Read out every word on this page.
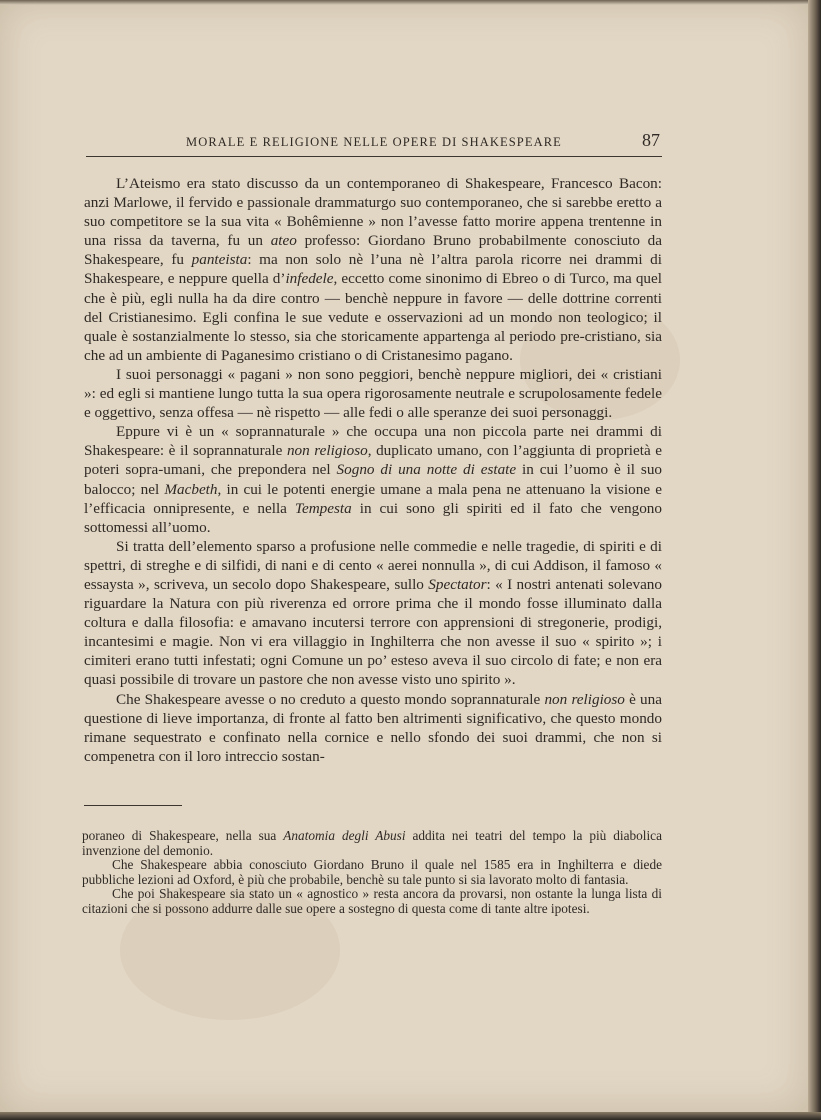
MORALE E RELIGIONE NELLE OPERE DI SHAKESPEARE	87

L’Ateismo era stato discusso da un contemporaneo di Shakespeare, Francesco Bacon: anzi Marlowe, il fervido e passionale drammaturgo suo contemporaneo, che si sarebbe eretto a suo competitore se la sua vita « Bohêmienne » non l’avesse fatto morire appena trentenne in una rissa da taverna, fu un ateo professo: Giordano Bruno probabilmente conosciuto da Shakespeare, fu panteista: ma non solo nè l’una nè l’altra parola ricorre nei drammi di Shakespeare, e neppure quella d’infedele, eccetto come sinonimo di Ebreo o di Turco, ma quel che è più, egli nulla ha da dire contro — benchè neppure in favore — delle dottrine correnti del Cristianesimo. Egli confina le sue vedute e osservazioni ad un mondo non teologico; il quale è sostanzialmente lo stesso, sia che storicamente appartenga al periodo pre-cristiano, sia che ad un ambiente di Paganesimo cristiano o di Cristanesimo pagano.

I suoi personaggi « pagani » non sono peggiori, benchè neppure migliori, dei « cristiani »: ed egli si mantiene lungo tutta la sua opera rigorosamente neutrale e scrupolosamente fedele e oggettivo, senza offesa — nè rispetto — alle fedi o alle speranze dei suoi personaggi.

Eppure vi è un « soprannaturale » che occupa una non piccola parte nei drammi di Shakespeare: è il soprannaturale non religioso, duplicato umano, con l’aggiunta di proprietà e poteri sopra-umani, che prepondera nel Sogno di una notte di estate in cui l’uomo è il suo balocco; nel Macbeth, in cui le potenti energie umane a mala pena ne attenuano la visione e l’efficacia onnipresente, e nella Tempesta in cui sono gli spiriti ed il fato che vengono sottomessi all’uomo.

Si tratta dell’elemento sparso a profusione nelle commedie e nelle tragedie, di spiriti e di spettri, di streghe e di silfidi, di nani e di cento « aerei nonnulla », di cui Addison, il famoso « essaysta », scriveva, un secolo dopo Shakespeare, sullo Spectator: « I nostri antenati solevano riguardare la Natura con più riverenza ed orrore prima che il mondo fosse illuminato dalla coltura e dalla filosofia: e amavano incutersi terrore con apprensioni di stregonerie, prodigi, incantesimi e magie. Non vi era villaggio in Inghilterra che non avesse il suo « spirito »; i cimiteri erano tutti infestati; ogni Comune un po’ esteso aveva il suo circolo di fate; e non era quasi possibile di trovare un pastore che non avesse visto uno spirito ».

Che Shakespeare avesse o no creduto a questo mondo soprannaturale non religioso è una questione di lieve importanza, di fronte al fatto ben altrimenti significativo, che questo mondo rimane sequestrato e confinato nella cornice e nello sfondo dei suoi drammi, che non si compenetra con il loro intreccio sostan-

poraneo di Shakespeare, nella sua Anatomia degli Abusi addita nei teatri del tempo la più diabolica invenzione del demonio.

Che Shakespeare abbia conosciuto Giordano Bruno il quale nel 1585 era in Inghilterra e diede pubbliche lezioni ad Oxford, è più che probabile, benchè su tale punto si sia lavorato molto di fantasia.

Che poi Shakespeare sia stato un « agnostico » resta ancora da provarsi, non ostante la lunga lista di citazioni che si possono addurre dalle sue opere a sostegno di questa come di tante altre ipotesi.
